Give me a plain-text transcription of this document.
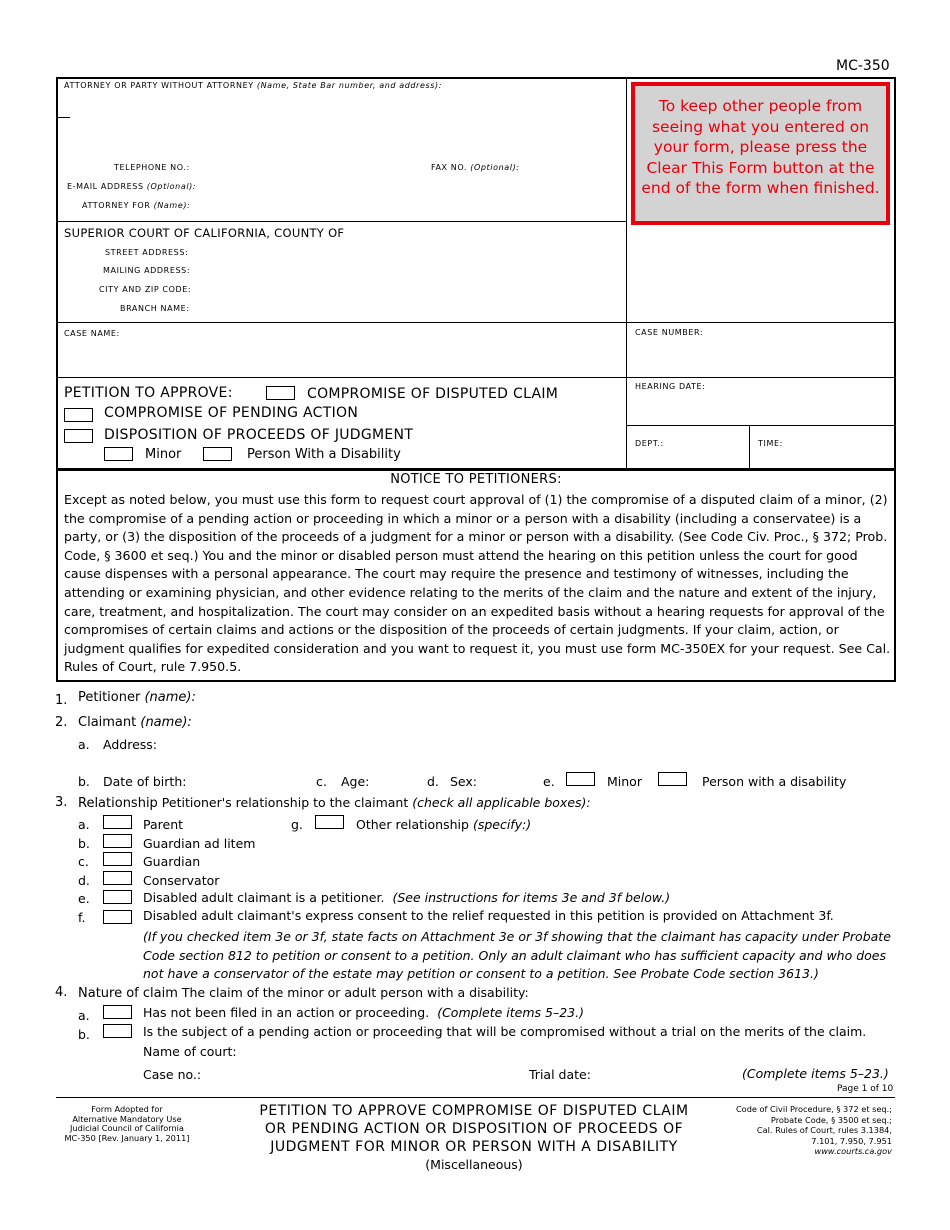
MC-350
ATTORNEY OR PARTY WITHOUT ATTORNEY (Name, State Bar number, and address):
TELEPHONE NO.:	FAX NO. (Optional):
E-MAIL ADDRESS (Optional):
ATTORNEY FOR (Name):
To keep other people from seeing what you entered on your form, please press the Clear This Form button at the end of the form when finished.
SUPERIOR COURT OF CALIFORNIA, COUNTY OF
STREET ADDRESS:
MAILING ADDRESS:
CITY AND ZIP CODE:
BRANCH NAME:
CASE NAME:	CASE NUMBER:
PETITION TO APPROVE:	COMPROMISE OF DISPUTED CLAIM
COMPROMISE OF PENDING ACTION
DISPOSITION OF PROCEEDS OF JUDGMENT
Minor	Person With a Disability
HEARING DATE:
DEPT.:	TIME:
NOTICE TO PETITIONERS:
Except as noted below, you must use this form to request court approval of (1) the compromise of a disputed claim of a minor, (2) the compromise of a pending action or proceeding in which a minor or a person with a disability (including a conservatee) is a party, or (3) the disposition of the proceeds of a judgment for a minor or person with a disability. (See Code Civ. Proc., § 372; Prob. Code, § 3600 et seq.) You and the minor or disabled person must attend the hearing on this petition unless the court for good cause dispenses with a personal appearance. The court may require the presence and testimony of witnesses, including the attending or examining physician, and other evidence relating to the merits of the claim and the nature and extent of the injury, care, treatment, and hospitalization. The court may consider on an expedited basis without a hearing requests for approval of the compromises of certain claims and actions or the disposition of the proceeds of certain judgments. If your claim, action, or judgment qualifies for expedited consideration and you want to request it, you must use form MC-350EX for your request. See Cal. Rules of Court, rule 7.950.5.
1. Petitioner (name):
2. Claimant (name):
a. Address:
b. Date of birth:	c. Age:	d. Sex:	e.	Minor	Person with a disability
3. Relationship Petitioner's relationship to the claimant (check all applicable boxes):
a.	Parent	g.	Other relationship (specify:)
b.	Guardian ad litem
c.	Guardian
d.	Conservator
e.	Disabled adult claimant is a petitioner. (See instructions for items 3e and 3f below.)
f.	Disabled adult claimant's express consent to the relief requested in this petition is provided on Attachment 3f.
(If you checked item 3e or 3f, state facts on Attachment 3e or 3f showing that the claimant has capacity under Probate Code section 812 to petition or consent to a petition. Only an adult claimant who has sufficient capacity and who does not have a conservator of the estate may petition or consent to a petition. See Probate Code section 3613.)
4. Nature of claim The claim of the minor or adult person with a disability:
a.	Has not been filed in an action or proceeding. (Complete items 5–23.)
b.	Is the subject of a pending action or proceeding that will be compromised without a trial on the merits of the claim.
Name of court:
Case no.:	Trial date:	(Complete items 5–23.)
Page 1 of 10
Form Adopted for
Alternative Mandatory Use
Judicial Council of California
MC-350 [Rev. January 1, 2011]
PETITION TO APPROVE COMPROMISE OF DISPUTED CLAIM
OR PENDING ACTION OR DISPOSITION OF PROCEEDS OF
JUDGMENT FOR MINOR OR PERSON WITH A DISABILITY
(Miscellaneous)
Code of Civil Procedure, § 372 et seq.;
Probate Code, § 3500 et seq.;
Cal. Rules of Court, rules 3.1384,
7.101, 7.950, 7.951
www.courts.ca.gov
